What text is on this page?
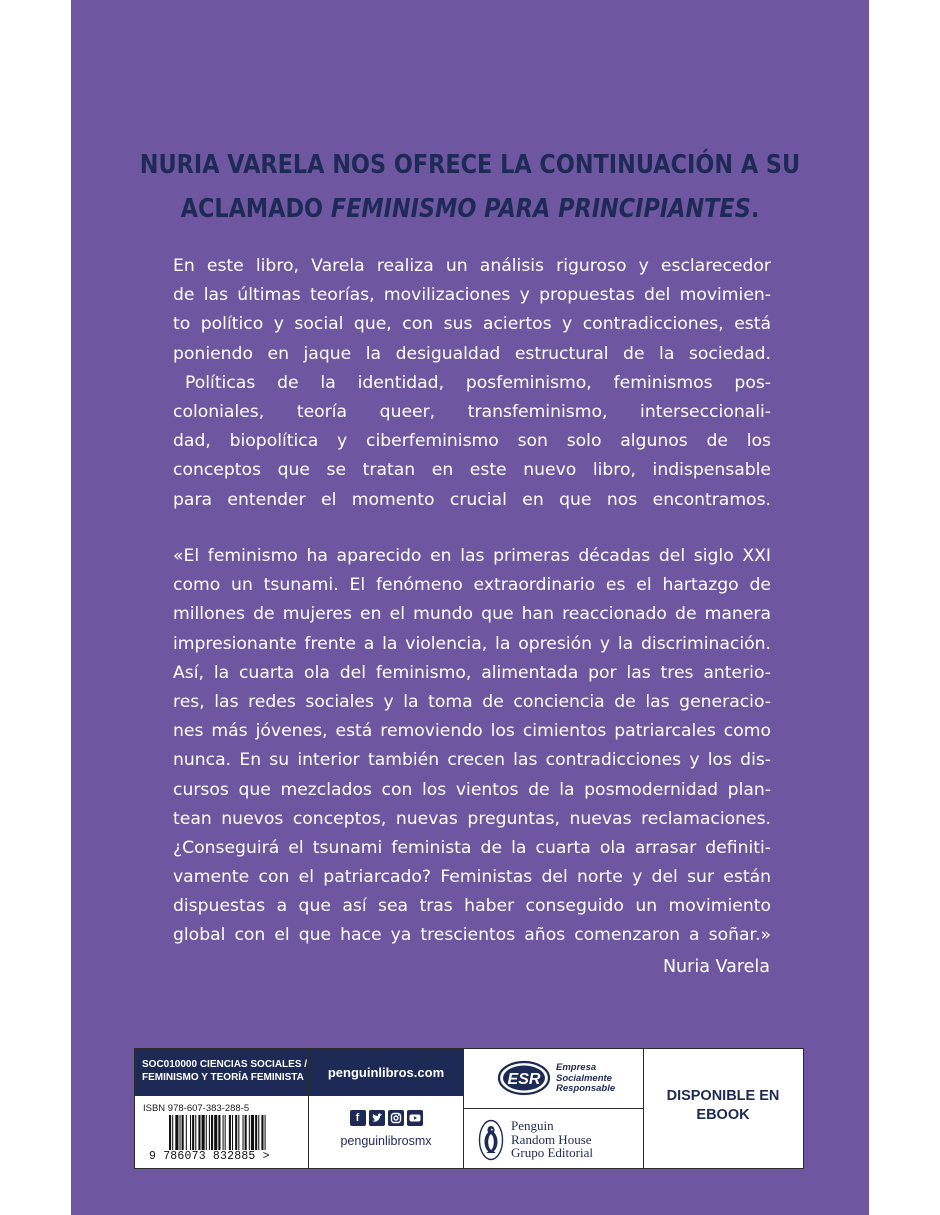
NURIA VARELA NOS OFRECE LA CONTINUACIÓN A SU
ACLAMADO FEMINISMO PARA PRINCIPIANTES.
En este libro, Varela realiza un análisis riguroso y esclarecedor
de las últimas teorías, movilizaciones y propuestas del movimien-
to político y social que, con sus aciertos y contradicciones, está
poniendo en jaque la desigualdad estructural de la sociedad.
Políticas de la identidad, posfeminismo, feminismos pos-
coloniales, teoría queer, transfeminismo, interseccionali-
dad, biopolítica y ciberfeminismo son solo algunos de los
conceptos que se tratan en este nuevo libro, indispensable
para entender el momento crucial en que nos encontramos.
«El feminismo ha aparecido en las primeras décadas del siglo XXI
como un tsunami. El fenómeno extraordinario es el hartazgo de
millones de mujeres en el mundo que han reaccionado de manera
impresionante frente a la violencia, la opresión y la discriminación.
Así, la cuarta ola del feminismo, alimentada por las tres anterio-
res, las redes sociales y la toma de conciencia de las generacio-
nes más jóvenes, está removiendo los cimientos patriarcales como
nunca. En su interior también crecen las contradicciones y los dis-
cursos que mezclados con los vientos de la posmodernidad plan-
tean nuevos conceptos, nuevas preguntas, nuevas reclamaciones.
¿Conseguirá el tsunami feminista de la cuarta ola arrasar definiti-
vamente con el patriarcado? Feministas del norte y del sur están
dispuestas a que así sea tras haber conseguido un movimiento
global con el que hace ya trescientos años comenzaron a soñar.»
Nuria Varela
SOC010000 CIENCIAS SOCIALES /
FEMINISMO Y TEORÍA FEMINISTA
ISBN 978-607-383-288-5
9 786073 832885 >
penguinlibros.com
f
penguinlibrosmx
ESR
Empresa
Socialmente
Responsable
Penguin
Random House
Grupo Editorial
DISPONIBLE EN
EBOOK
